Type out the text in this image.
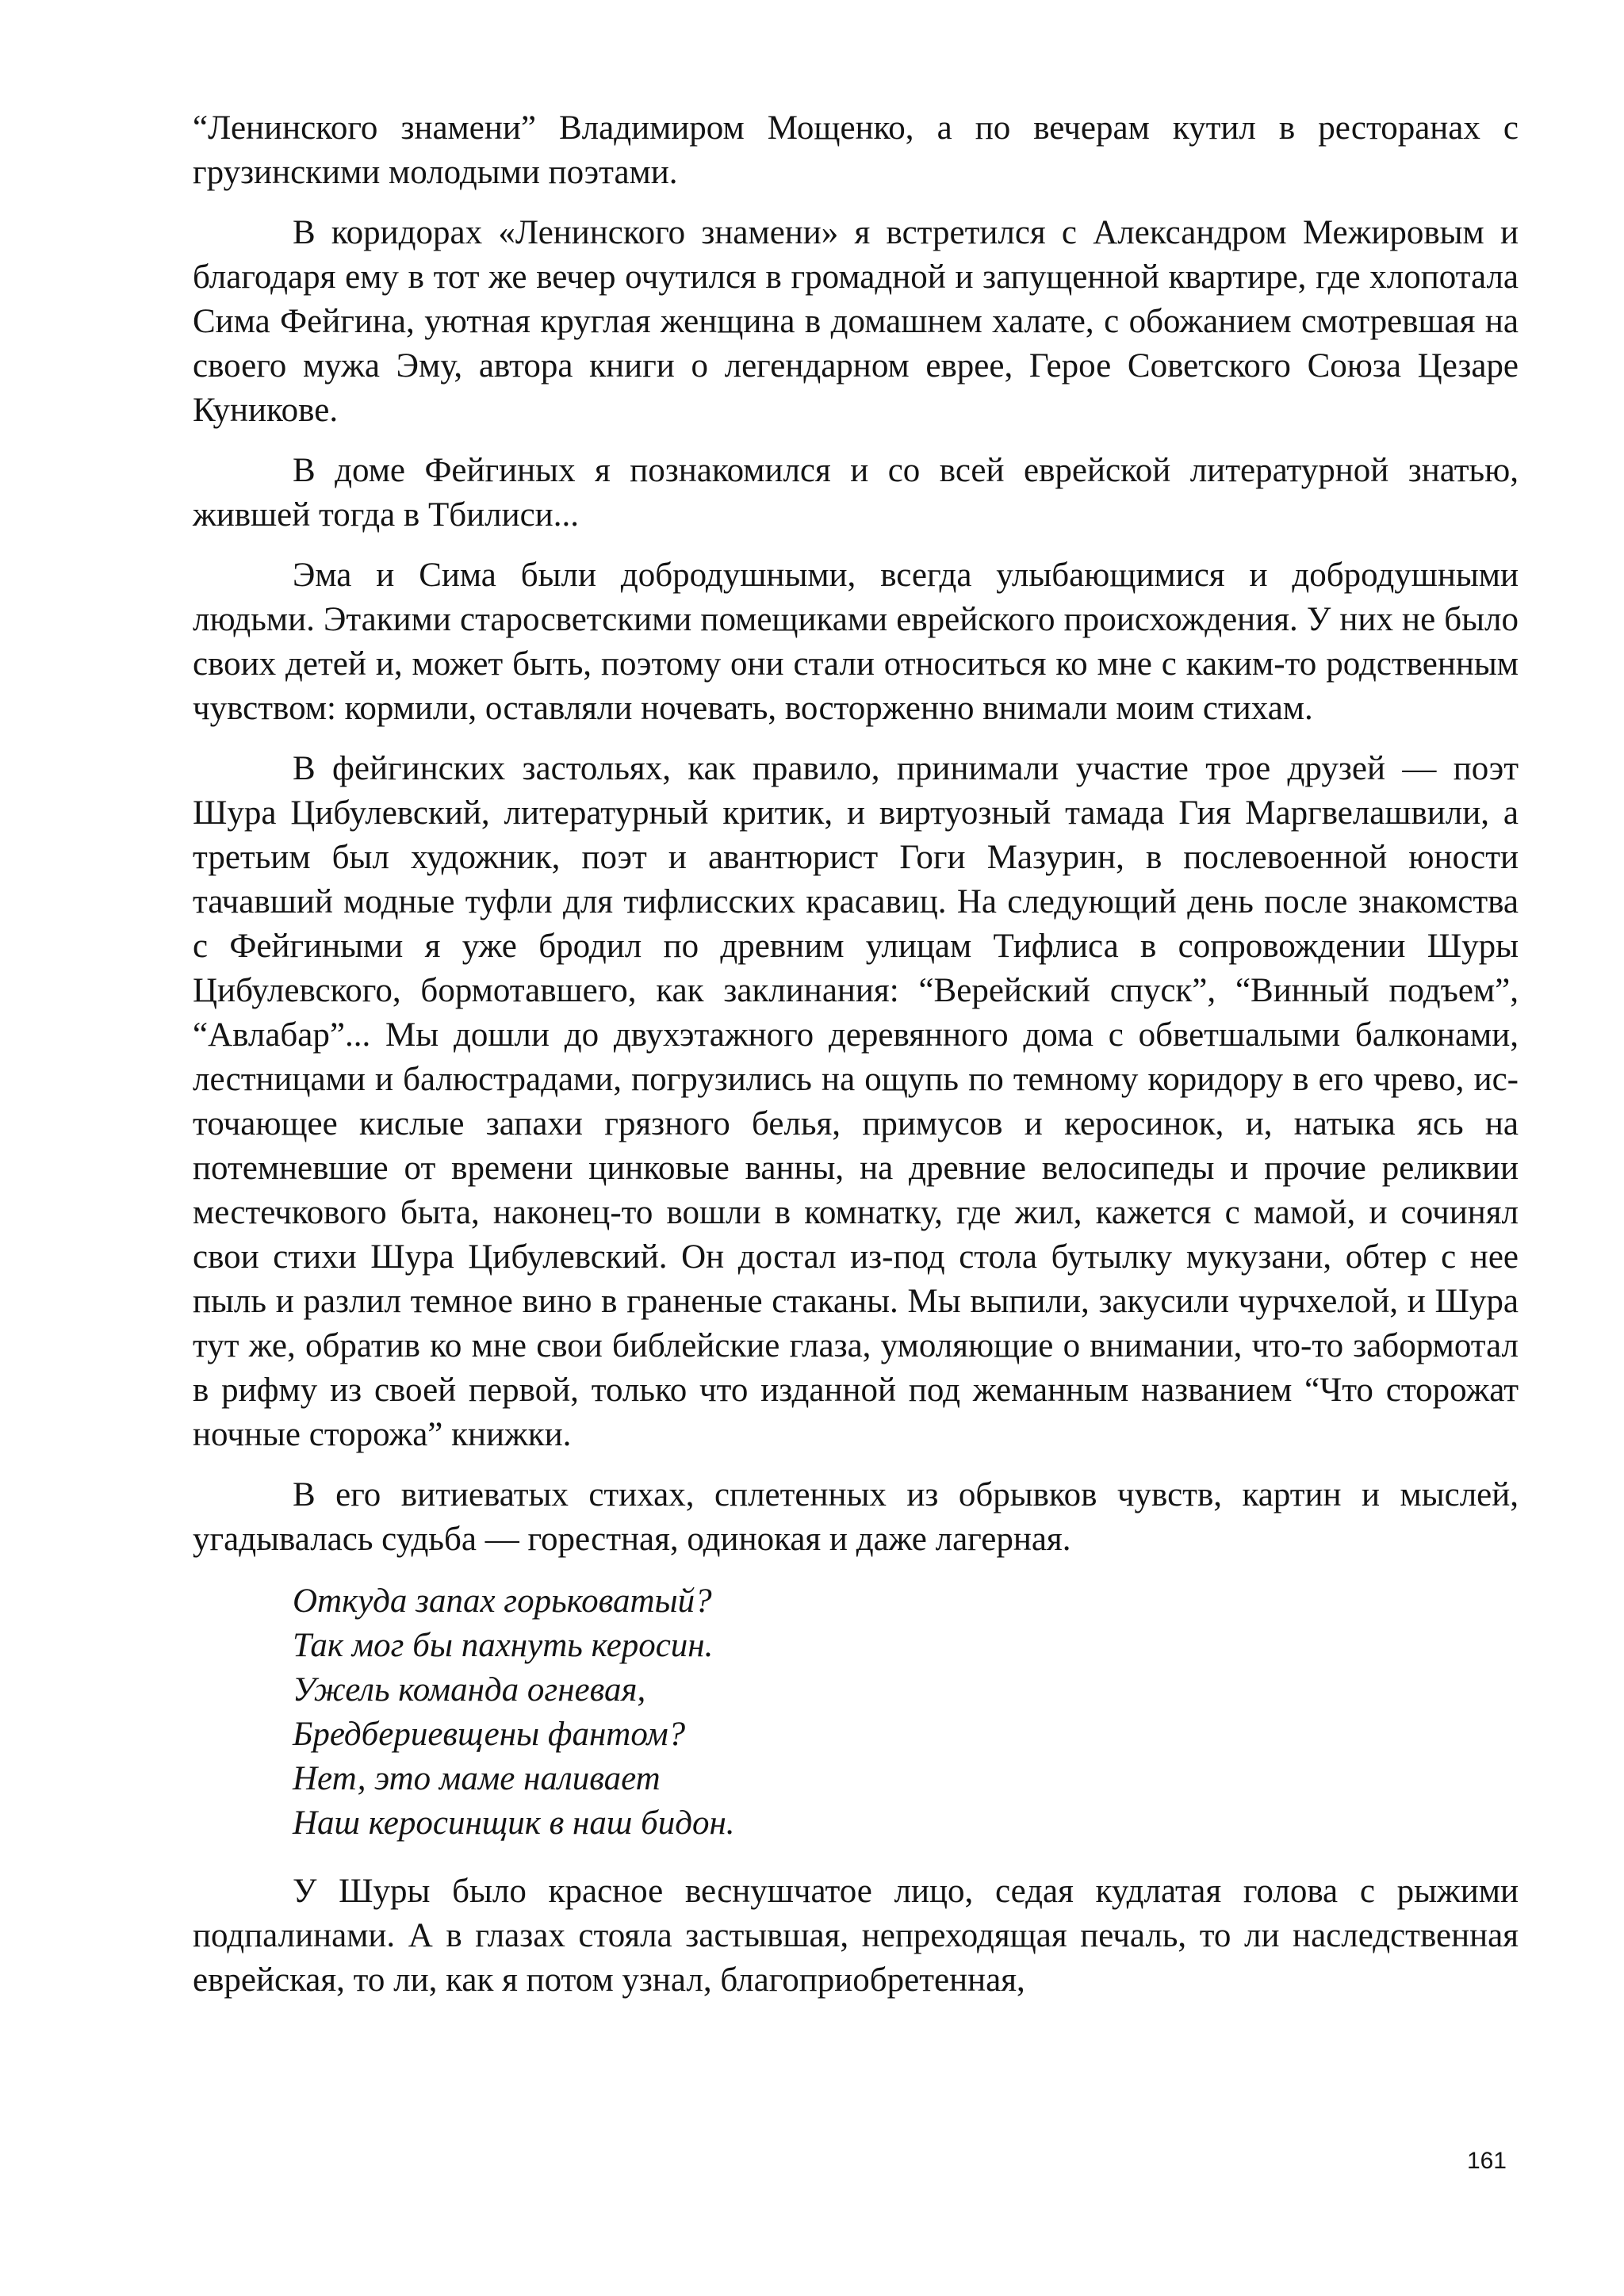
“Ленинского знамени” Владимиром Мощенко, а по вечерам кутил в ресторанах с грузинскими молодыми поэтами.

В коридорах «Ленинского знамени» я встретился с Александром Межировым и благодаря ему в тот же вечер очутился в громадной и запущенной квартире, где хлопотала Сима Фейгина, уютная круглая женщина в домашнем халате, с обожанием смотревшая на своего мужа Эму, автора книги о легендарном еврее, Герое Советского Союза Цезаре Куникове.

В доме Фейгиных я познакомился и со всей еврейской литературной знатью, жившей тогда в Тбилиси...

Эма и Сима были добродушными, всегда улыбающимися и добродушными людьми. Этакими старосветскими помещиками еврейского происхождения. У них не было своих детей и, может быть, поэтому они стали относиться ко мне с каким-то родственным чувством: кормили, оставляли ночевать, восторженно внимали моим стихам.

В фейгинских застольях, как правило, принимали участие трое друзей — поэт Шура Цибулевский, литературный критик, и виртуозный тамада Гия Маргвелашвили, а третьим был художник, поэт и авантюрист Гоги Мазурин, в послевоенной юности тачавший модные туфли для тифлисских красавиц. На следующий день после знакомства с Фейгиными я уже бродил по древним улицам Тифлиса в сопровождении Шуры Цибулевского, бормотавшего, как заклинания: “Верейский спуск”, “Винный подъем”, “Авлабар”... Мы дошли до двухэтажного деревянного дома с обветшалыми балконами, лестницами и балюстрадами, погрузились на ощупь по темному коридору в его чрево, источающее кислые запахи грязного белья, примусов и керосинок, и, натыка ясь на потемневшие от времени цинковые ванны, на древние велосипеды и прочие реликвии местечкового быта, наконец-то вошли в комнатку, где жил, кажется с мамой, и сочинял свои стихи Шура Цибулевский. Он достал из-под стола бутылку мукузани, обтер с нее пыль и разлил темное вино в граненые стаканы. Мы выпили, закусили чурчхелой, и Шура тут же, обратив ко мне свои библейские глаза, умоляющие о внимании, что-то забормотал в рифму из своей первой, только что изданной под жеманным названием “Что сторожат ночные сторожа” книжки.

В его витиеватых стихах, сплетенных из обрывков чувств, картин и мыслей, угадывалась судьба — горестная, одинокая и даже лагерная.

Откуда запах горьковатый?
Так мог бы пахнуть керосин.
Ужель команда огневая,
Бредбериевщены фантом?
Нет, это маме наливает
Наш керосинщик в наш бидон.

У Шуры было красное веснушчатое лицо, седая кудлатая голова с рыжими подпалинами. А в глазах стояла застывшая, непреходящая печаль, то ли наследственная еврейская, то ли, как я потом узнал, благоприобретенная,

161
